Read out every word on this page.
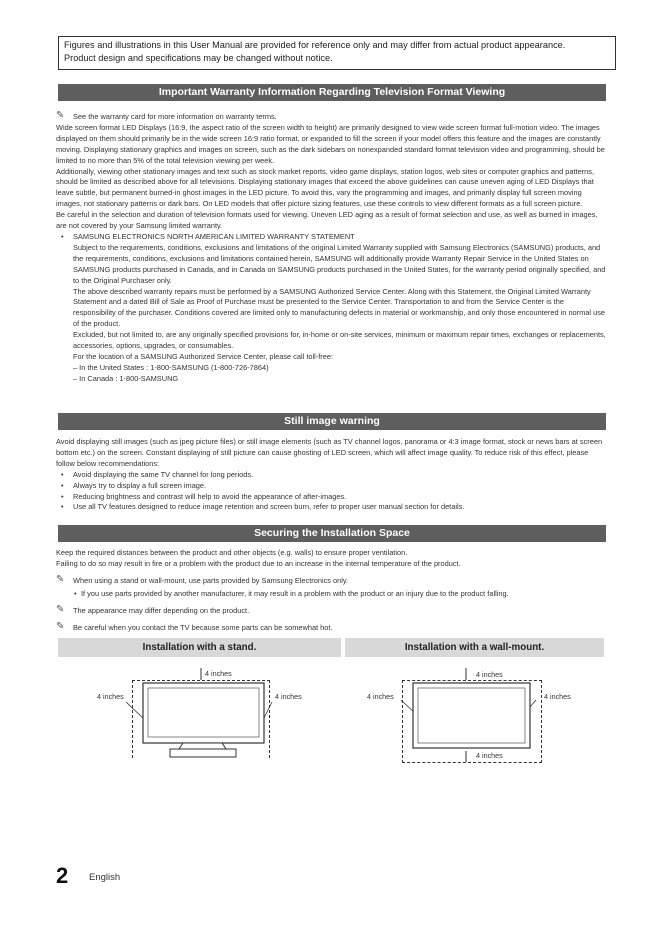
Figures and illustrations in this User Manual are provided for reference only and may differ from actual product appearance.
Product design and specifications may be changed without notice.
Important Warranty Information Regarding Television Format Viewing

✎ See the warranty card for more information on warranty terms.

Wide screen format LED Displays (16:9, the aspect ratio of the screen width to height) are primarily designed to view wide screen format full-motion video. The images displayed on them should primarily be in the wide screen 16:9 ratio format, or expanded to fill the screen if your model offers this feature and the images are constantly moving. Displaying stationary graphics and images on screen, such as the dark sidebars on nonexpanded standard format television video and programming, should be limited to no more than 5% of the total television viewing per week.

Additionally, viewing other stationary images and text such as stock market reports, video game displays, station logos, web sites or computer graphics and patterns, should be limited as described above for all televisions. Displaying stationary images that exceed the above guidelines can cause uneven aging of LED Displays that leave subtle, but permanent burned-in ghost images in the LED picture. To avoid this, vary the programming and images, and primarily display full screen moving images, not stationary patterns or dark bars. On LED models that offer picture sizing features, use these controls to view different formats as a full screen picture.

Be careful in the selection and duration of television formats used for viewing. Uneven LED aging as a result of format selection and use, as well as burned in images, are not covered by your Samsung limited warranty.

• SAMSUNG ELECTRONICS NORTH AMERICAN LIMITED WARRANTY STATEMENT

Subject to the requirements, conditions, exclusions and limitations of the original Limited Warranty supplied with Samsung Electronics (SAMSUNG) products, and the requirements, conditions, exclusions and limitations contained herein, SAMSUNG will additionally provide Warranty Repair Service in the United States on SAMSUNG products purchased in Canada, and in Canada on SAMSUNG products purchased in the United States, for the warranty period originally specified, and to the Original Purchaser only.

The above described warranty repairs must be performed by a SAMSUNG Authorized Service Center. Along with this Statement, the Original Limited Warranty Statement and a dated Bill of Sale as Proof of Purchase must be presented to the Service Center. Transportation to and from the Service Center is the responsibility of the purchaser. Conditions covered are limited only to manufacturing defects in material or workmanship, and only those encountered in normal use of the product.

Excluded, but not limited to, are any originally specified provisions for, in-home or on-site services, minimum or maximum repair times, exchanges or replacements, accessories, options, upgrades, or consumables.

For the location of a SAMSUNG Authorized Service Center, please call toll-free:

– In the United States : 1-800-SAMSUNG (1-800-726-7864)

– In Canada : 1-800-SAMSUNG

Still image warning

Avoid displaying still images (such as jpeg picture files) or still image elements (such as TV channel logos, panorama or 4:3 image format, stock or news bars at screen bottom etc.) on the screen. Constant displaying of still picture can cause ghosting of LED screen, which will affect image quality. To reduce risk of this effect, please follow below recommendations:

• Avoid displaying the same TV channel for long periods.

• Always try to display a full screen image.

• Reducing brightness and contrast will help to avoid the appearance of after-images.

• Use all TV features designed to reduce image retention and screen burn, refer to proper user manual section for details.

Securing the Installation Space

Keep the required distances between the product and other objects (e.g. walls) to ensure proper ventilation.

Failing to do so may result in fire or a problem with the product due to an increase in the internal temperature of the product.

✎ When using a stand or wall-mount, use parts provided by Samsung Electronics only.

• If you use parts provided by another manufacturer, it may result in a problem with the product or an injury due to the product falling.

✎ The appearance may differ depending on the product.

✎ Be careful when you contact the TV because some parts can be somewhat hot.

Installation with a stand.	Installation with a wall-mount.
4 inches
4 inches	4 inches
4 inches
4 inches	4 inches
4 inches
2 English
